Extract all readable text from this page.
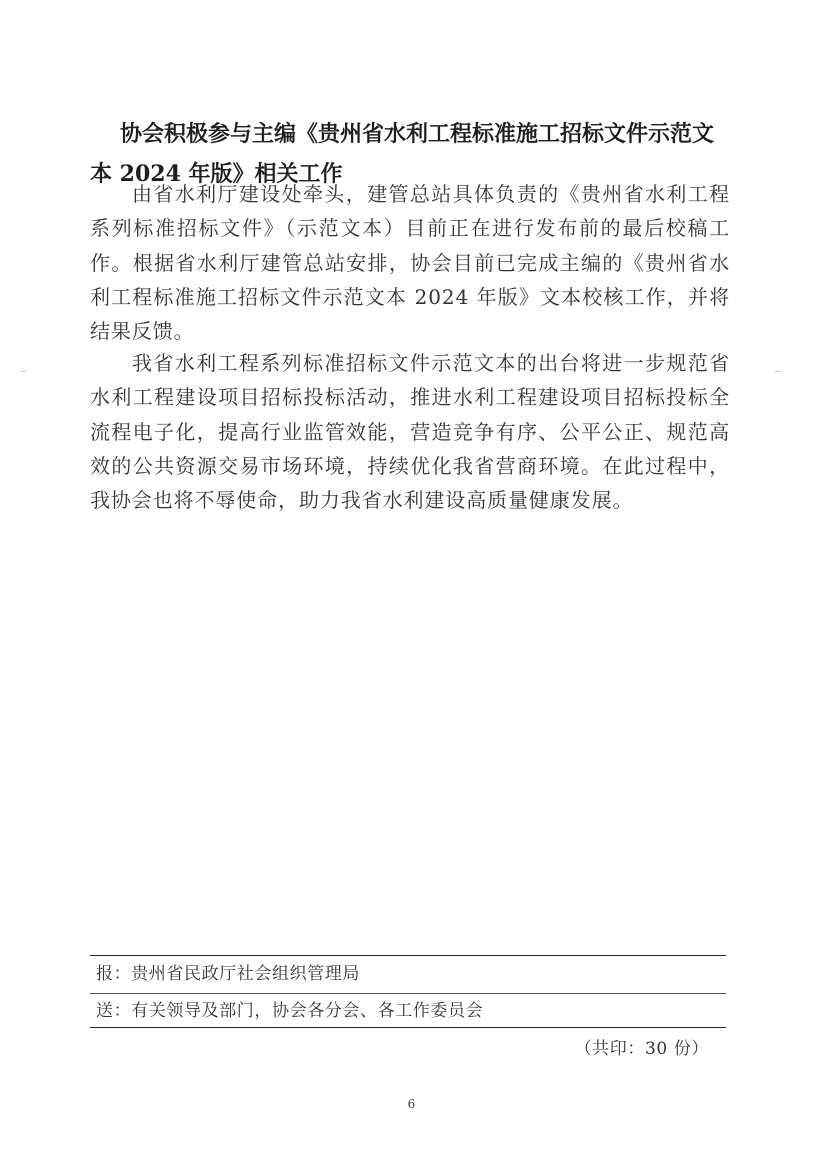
协会积极参与主编《贵州省水利工程标准施工招标文件示范文本 2024 年版》相关工作
由省水利厅建设处牵头，建管总站具体负责的《贵州省水利工程系列标准招标文件》（示范文本）目前正在进行发布前的最后校稿工作。根据省水利厅建管总站安排，协会目前已完成主编的《贵州省水利工程标准施工招标文件示范文本 2024 年版》文本校核工作，并将结果反馈。
我省水利工程系列标准招标文件示范文本的出台将进一步规范省水利工程建设项目招标投标活动，推进水利工程建设项目招标投标全流程电子化，提高行业监管效能，营造竞争有序、公平公正、规范高效的公共资源交易市场环境，持续优化我省营商环境。在此过程中，我协会也将不辱使命，助力我省水利建设高质量健康发展。
报：贵州省民政厅社会组织管理局
送：有关领导及部门，协会各分会、各工作委员会
（共印：30 份）
6
